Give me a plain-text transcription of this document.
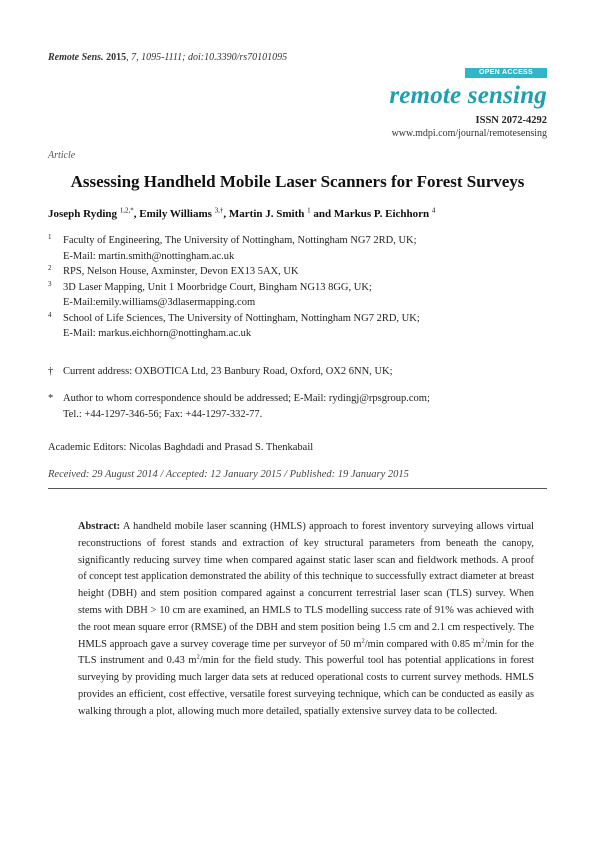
Remote Sens. 2015, 7, 1095-1111; doi:10.3390/rs70101095
OPEN ACCESS
remote sensing
ISSN 2072-4292
www.mdpi.com/journal/remotesensing
Article
Assessing Handheld Mobile Laser Scanners for Forest Surveys
Joseph Ryding $^{1,2,*}$, Emily Williams $^{3,\dagger}$, Martin J. Smith $^1$ and Markus P. Eichhorn $^4$
1 Faculty of Engineering, The University of Nottingham, Nottingham NG7 2RD, UK;
E-Mail: martin.smith@nottingham.ac.uk
2 RPS, Nelson House, Axminster, Devon EX13 5AX, UK
3 3D Laser Mapping, Unit 1 Moorbridge Court, Bingham NG13 8GG, UK;
E-Mail:emily.williams@3dlasermapping.com
4 School of Life Sciences, The University of Nottingham, Nottingham NG7 2RD, UK;
E-Mail: markus.eichhorn@nottingham.ac.uk
† Current address: OXBOTICA Ltd, 23 Banbury Road, Oxford, OX2 6NN, UK;
* Author to whom correspondence should be addressed; E-Mail: rydingj@rpsgroup.com;
Tel.: +44-1297-346-56; Fax: +44-1297-332-77.
Academic Editors: Nicolas Baghdadi and Prasad S. Thenkabail
Received: 29 August 2014 / Accepted: 12 January 2015 / Published: 19 January 2015
Abstract: A handheld mobile laser scanning (HMLS) approach to forest inventory surveying allows virtual reconstructions of forest stands and extraction of key structural parameters from beneath the canopy, significantly reducing survey time when compared against static laser scan and fieldwork methods. A proof of concept test application demonstrated the ability of this technique to successfully extract diameter at breast height (DBH) and stem position compared against a concurrent terrestrial laser scan (TLS) survey. When stems with DBH > 10 cm are examined, an HMLS to TLS modelling success rate of 91% was achieved with the root mean square error (RMSE) of the DBH and stem position being 1.5 cm and 2.1 cm respectively. The HMLS approach gave a survey coverage time per surveyor of 50 $m^2/\min$ compared with 0.85 $m^2/\min$ for the TLS instrument and 0.43 $m^2/\min$ for the field study. This powerful tool has potential applications in forest surveying by providing much larger data sets at reduced operational costs to current survey methods. HMLS provides an efficient, cost effective, versatile forest surveying technique, which can be conducted as easily as walking through a plot, allowing much more detailed, spatially extensive survey data to be collected.
